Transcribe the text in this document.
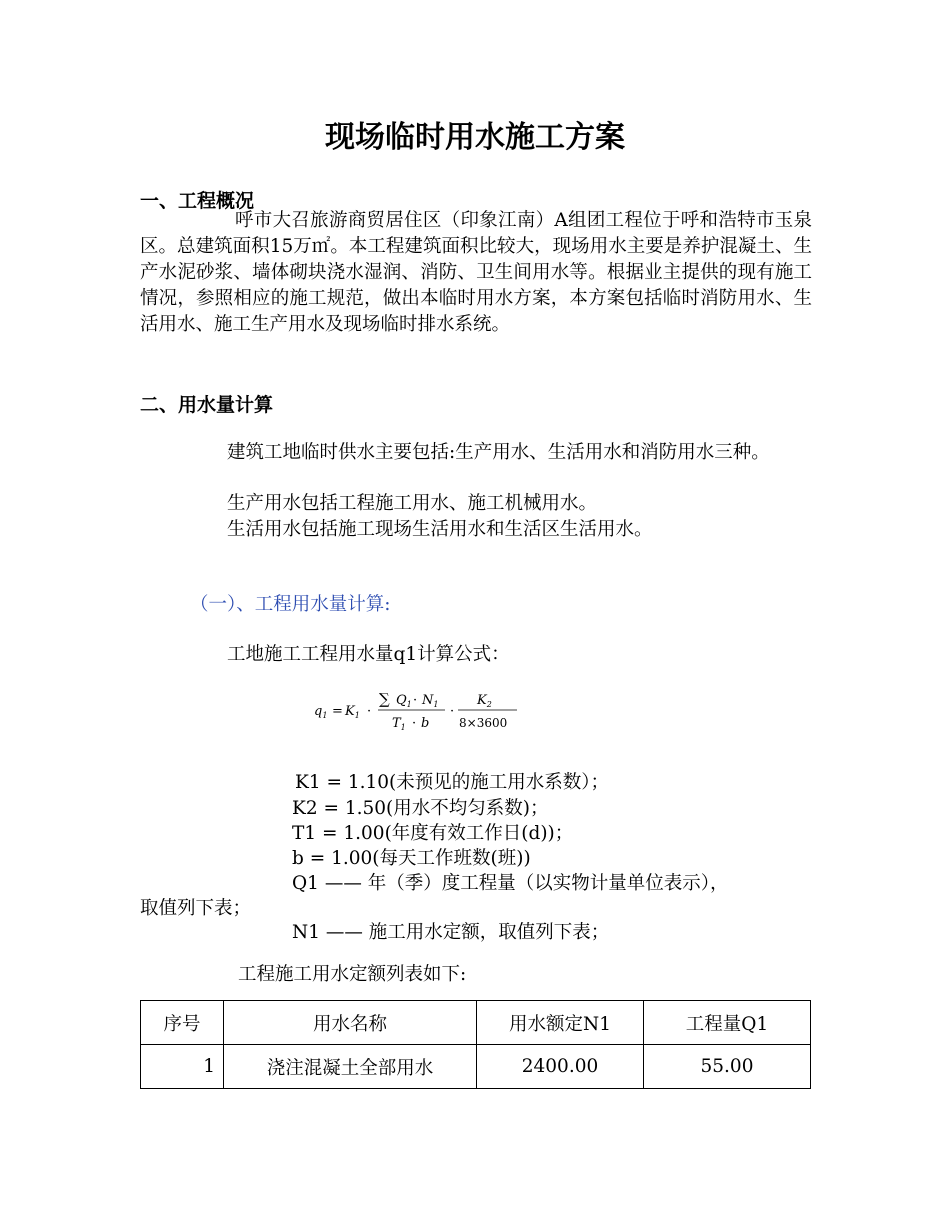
现场临时用水施工方案
一、工程概况
呼市大召旅游商贸居住区（印象江南）A组团工程位于呼和浩特市玉泉区。总建筑面积15万㎡。本工程建筑面积比较大，现场用水主要是养护混凝土、生产水泥砂浆、墙体砌块浇水湿润、消防、卫生间用水等。根据业主提供的现有施工情况，参照相应的施工规范，做出本临时用水方案，本方案包括临时消防用水、生活用水、施工生产用水及现场临时排水系统。
二、用水量计算
建筑工地临时供水主要包括:生产用水、生活用水和消防用水三种。
生产用水包括工程施工用水、施工机械用水。
生活用水包括施工现场生活用水和生活区生活用水。
（一）、工程用水量计算:
工地施工工程用水量q1计算公式：
$q_1 = K_1$ ·
∑ $Q_1 \cdot N_1$
$T_1 \cdot b$
·
$K_2$
8×3600
K1 = 1.10(未预见的施工用水系数）；
K2 = 1.50(用水不均匀系数)；
T1 = 1.00(年度有效工作日(d))；
b = 1.00(每天工作班数(班))
Q1 —— 年（季）度工程量（以实物计量单位表示），
取值列下表；
N1 —— 施工用水定额，取值列下表；
工程施工用水定额列表如下:
序号	用水名称	用水额定N1	工程量Q1
1	浇注混凝土全部用水	2400.00	55.00
